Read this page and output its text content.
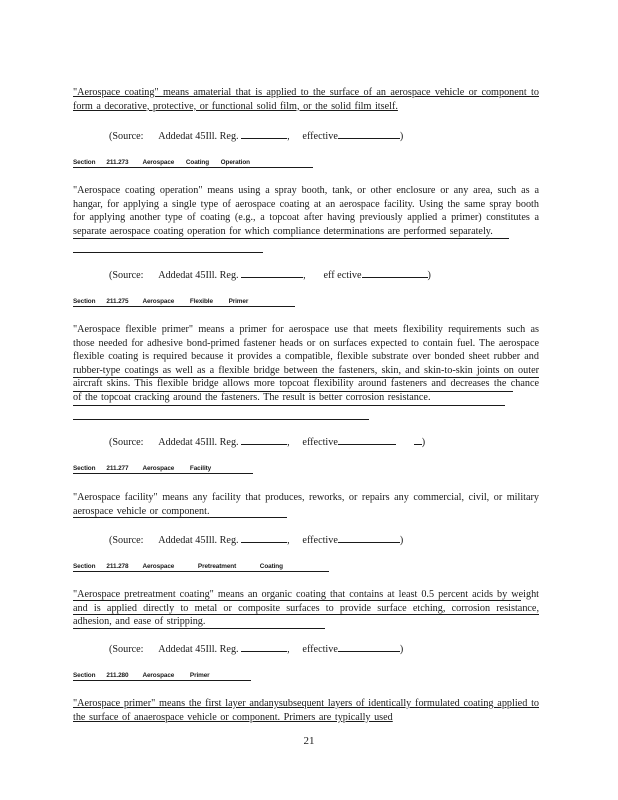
"Aerospace coating" means amaterial that is applied to the surface of an aerospace vehicle or component to form a decorative, protective, or functional solid film, or the solid film itself.
(Source: Addedat 45Ill. Reg.	,     effective	)
Section 211.273 Aerospace Coating Operation
"Aerospace coating operation" means using a spray booth, tank, or other enclosure or any area, such as a hangar, for applying a single type of aerospace coating at an aerospace facility. Using the same spray booth for applying another type of coating (e.g., a topcoat after having previously applied a primer) constitutes a separate aerospace coating operation for which compliance determinations are performed separately.
(Source: Addedat 45Ill. Reg.	,       eff ective	)
Section 211.275 Aerospace Flexible Primer
"Aerospace flexible primer" means a primer for aerospace use that meets flexibility requirements such as those needed for adhesive bond-primed fastener heads or on surfaces expected to contain fuel. The aerospace flexible coating is required because it provides a compatible, flexible substrate over bonded sheet rubber and rubber-type coatings as well as a flexible bridge between the fasteners, skin, and skin-to-skin joints on outer aircraft skins. This flexible bridge allows more topcoat flexibility around fasteners and decreases the chance of the topcoat cracking around the fasteners. The result is better corrosion resistance.
(Source: Addedat 45Ill. Reg.	,     effective	)
Section 211.277 Aerospace Facility
"Aerospace facility" means any facility that produces, reworks, or repairs any commercial, civil, or military aerospace vehicle or component.
(Source: Addedat 45Ill. Reg.	,     effective	)
Section 211.278 Aerospace Pretreatment Coating
"Aerospace pretreatment coating" means an organic coating that contains at least 0.5 percent acids by weight and is applied directly to metal or composite surfaces to provide surface etching, corrosion resistance, adhesion, and ease of stripping.
(Source: Addedat 45Ill. Reg.	,     effective	)
Section 211.280 Aerospace Primer
"Aerospace primer" means the first layer andanysubsequent layers of identically formulated coating applied to the surface of anaerospace vehicle or component. Primers are typically used
21
